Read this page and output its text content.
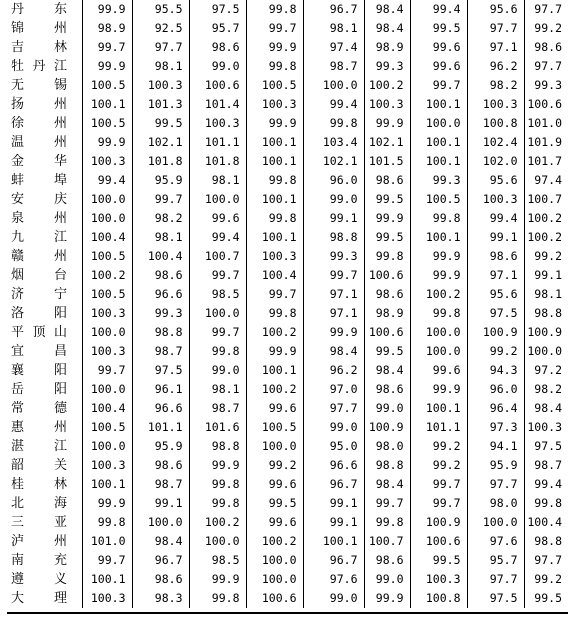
丹 东	99.9	95.5	97.5	99.8	96.7	98.4	99.4	95.6	97.7

锦 州	98.9	92.5	95.7	99.7	98.1	98.4	99.5	97.7	99.2

吉 林	99.7	97.7	98.6	99.9	97.4	98.9	99.6	97.1	98.6

牡 丹 江	99.9	98.1	99.0	99.8	98.7	99.3	99.6	96.2	97.7

无 锡	100.5	100.3	100.6	100.5	100.0	100.2	99.7	98.2	99.3

扬 州	100.1	101.3	101.4	100.3	99.4	100.3	100.1	100.3	100.6

徐 州	100.5	99.5	100.3	99.9	99.8	99.9	100.0	100.8	101.0

温 州	99.9	102.1	101.1	100.1	103.4	102.1	100.1	102.4	101.9

金 华	100.3	101.8	101.8	100.1	102.1	101.5	100.1	102.0	101.7

蚌 埠	99.4	95.9	98.1	99.8	96.0	98.6	99.3	95.6	97.4

安 庆	100.0	99.7	100.0	100.1	99.0	99.5	100.5	100.3	100.7

泉 州	100.0	98.2	99.6	99.8	99.1	99.9	99.8	99.4	100.2

九 江	100.4	98.1	99.4	100.1	98.8	99.5	100.1	99.1	100.2

赣 州	100.5	100.4	100.7	100.3	99.3	99.8	99.9	98.6	99.2

烟 台	100.2	98.6	99.7	100.4	99.7	100.6	99.9	97.1	99.1

济 宁	100.5	96.6	98.5	99.7	97.1	98.6	100.2	95.6	98.1

洛 阳	100.3	99.3	100.0	99.8	97.1	98.9	99.8	97.5	98.8

平 顶 山	100.0	98.8	99.7	100.2	99.9	100.6	100.0	100.9	100.9

宜 昌	100.3	98.7	99.8	99.9	98.4	99.5	100.0	99.2	100.0

襄 阳	99.7	97.5	99.0	100.1	96.2	98.4	99.6	94.3	97.2

岳 阳	100.0	96.1	98.1	100.2	97.0	98.6	99.9	96.0	98.2

常 德	100.4	96.6	98.7	99.6	97.7	99.0	100.1	96.4	98.4

惠 州	100.5	101.1	101.6	100.5	99.0	100.9	101.1	97.3	100.3

湛 江	100.0	95.9	98.8	100.0	95.0	98.0	99.2	94.1	97.5

韶 关	100.3	98.6	99.9	99.2	96.6	98.8	99.2	95.9	98.7

桂 林	100.1	98.7	99.8	99.6	96.7	98.4	99.7	97.7	99.4

北 海	99.9	99.1	99.8	99.5	99.1	99.7	99.7	98.0	99.8

三 亚	99.8	100.0	100.2	99.6	99.1	99.8	100.9	100.0	100.4

泸 州	101.0	98.4	100.0	100.2	100.1	100.7	100.6	97.6	98.8

南 充	99.7	96.7	98.5	100.0	96.7	98.6	99.5	95.7	97.7

遵 义	100.1	98.6	99.9	100.0	97.6	99.0	100.3	97.7	99.2

大 理	100.3	98.3	99.8	100.6	99.0	99.9	100.8	97.5	99.5
